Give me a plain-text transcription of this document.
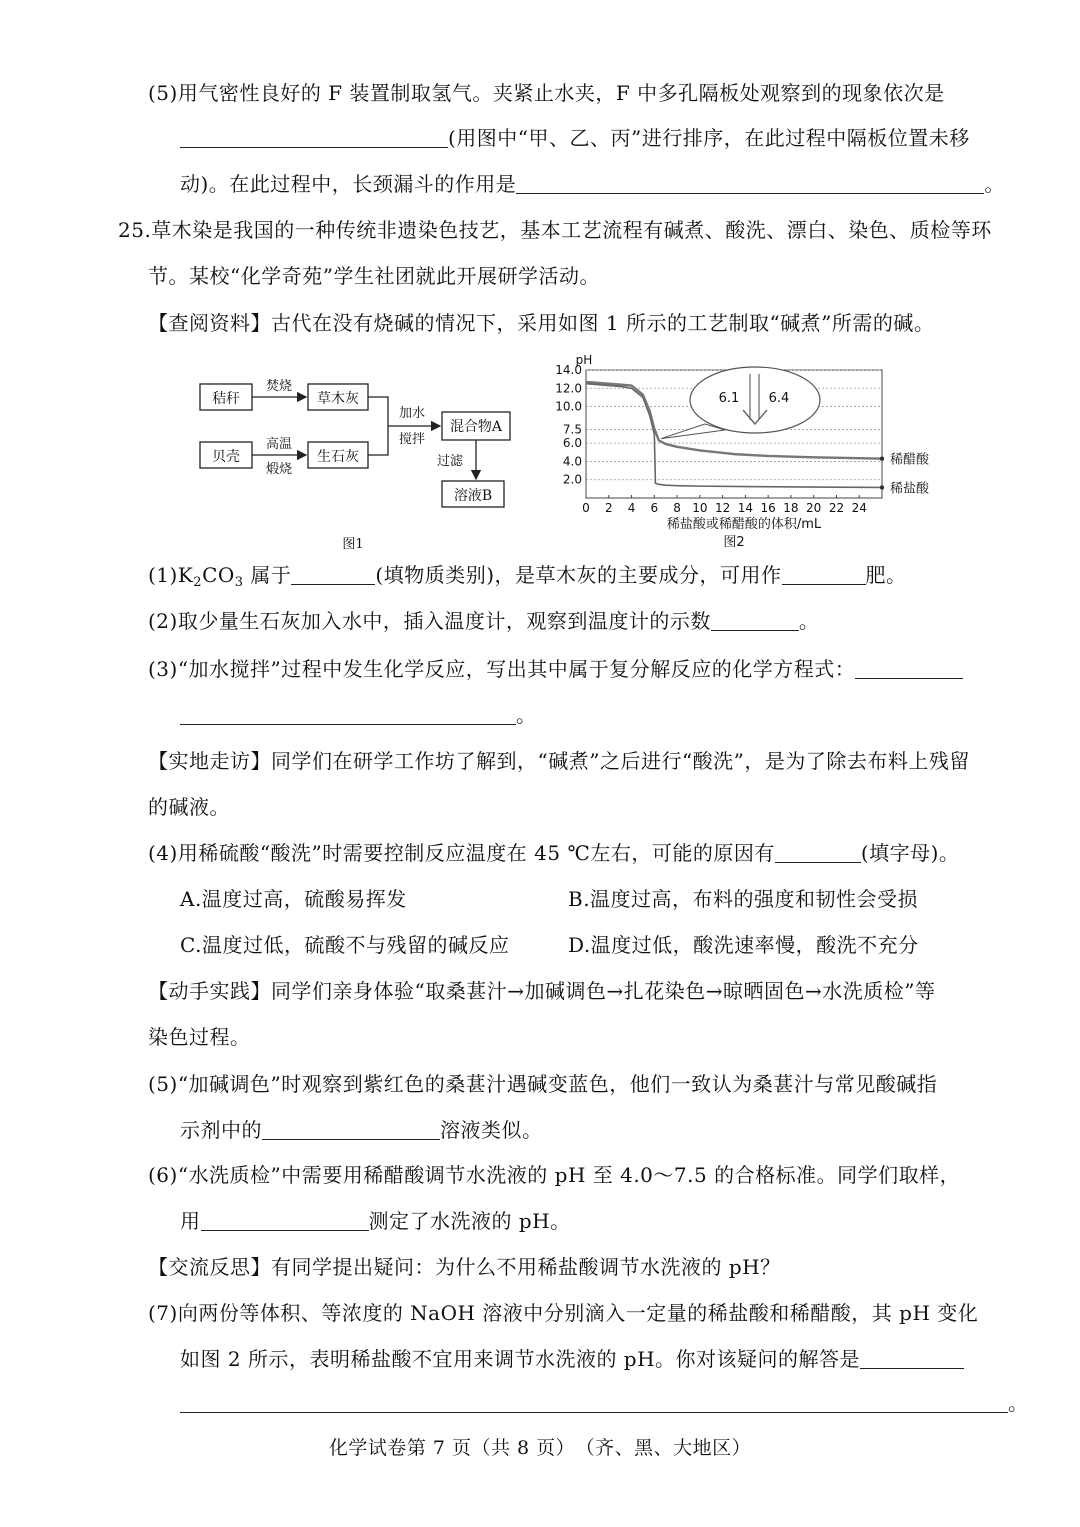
(5)用气密性良好的 F 装置制取氢气。夹紧止水夹，F 中多孔隔板处观察到的现象依次是
(用图中“甲、乙、丙”进行排序，在此过程中隔板位置未移
动)。在此过程中，长颈漏斗的作用是	。
25.草木染是我国的一种传统非遗染色技艺，基本工艺流程有碱煮、酸洗、漂白、染色、质检等环
节。某校“化学奇苑”学生社团就此开展研学活动。
【查阅资料】古代在没有烧碱的情况下，采用如图 1 所示的工艺制取“碱煮”所需的碱。
秸秆
贝壳
焚烧
高温
煅烧
草木灰
生石灰
加水
搅拌
混合物A
过滤
溶液B
图1
2.0
4.0
6.0
7.5
10.0
12.0
14.0
pH
0 2 4 6 8 10 12 14 16 18 20 22 24
稀盐酸或稀醋酸的体积/mL
图2
稀醋酸
稀盐酸
6.1 6.4
$(1)K_2CO_3$ 属于	(填物质类别)，是草木灰的主要成分，可用作	肥。
(2)取少量生石灰加入水中，插入温度计，观察到温度计的示数	。
(3)“加水搅拌”过程中发生化学反应，写出其中属于复分解反应的化学方程式：
。
【实地走访】同学们在研学工作坊了解到，“碱煮”之后进行“酸洗”，是为了除去布料上残留
的碱液。
(4)用稀硫酸“酸洗”时需要控制反应温度在 45 ℃左右，可能的原因有	(填字母)。
A.温度过高，硫酸易挥发	B.温度过高，布料的强度和韧性会受损
C.温度过低，硫酸不与残留的碱反应	D.温度过低，酸洗速率慢，酸洗不充分
【动手实践】同学们亲身体验“取桑葚汁→加碱调色→扎花染色→晾晒固色→水洗质检”等
染色过程。
(5)“加碱调色”时观察到紫红色的桑葚汁遇碱变蓝色，他们一致认为桑葚汁与常见酸碱指
示剂中的	溶液类似。
(6)“水洗质检”中需要用稀醋酸调节水洗液的 pH 至 4.0～7.5 的合格标准。同学们取样，
用	测定了水洗液的 pH。
【交流反思】有同学提出疑问：为什么不用稀盐酸调节水洗液的 pH？
(7)向两份等体积、等浓度的 NaOH 溶液中分别滴入一定量的稀盐酸和稀醋酸，其 pH 变化
如图 2 所示，表明稀盐酸不宜用来调节水洗液的 pH。你对该疑问的解答是
。
化学试卷第 7 页（共 8 页）　（齐、黑、大地区）
